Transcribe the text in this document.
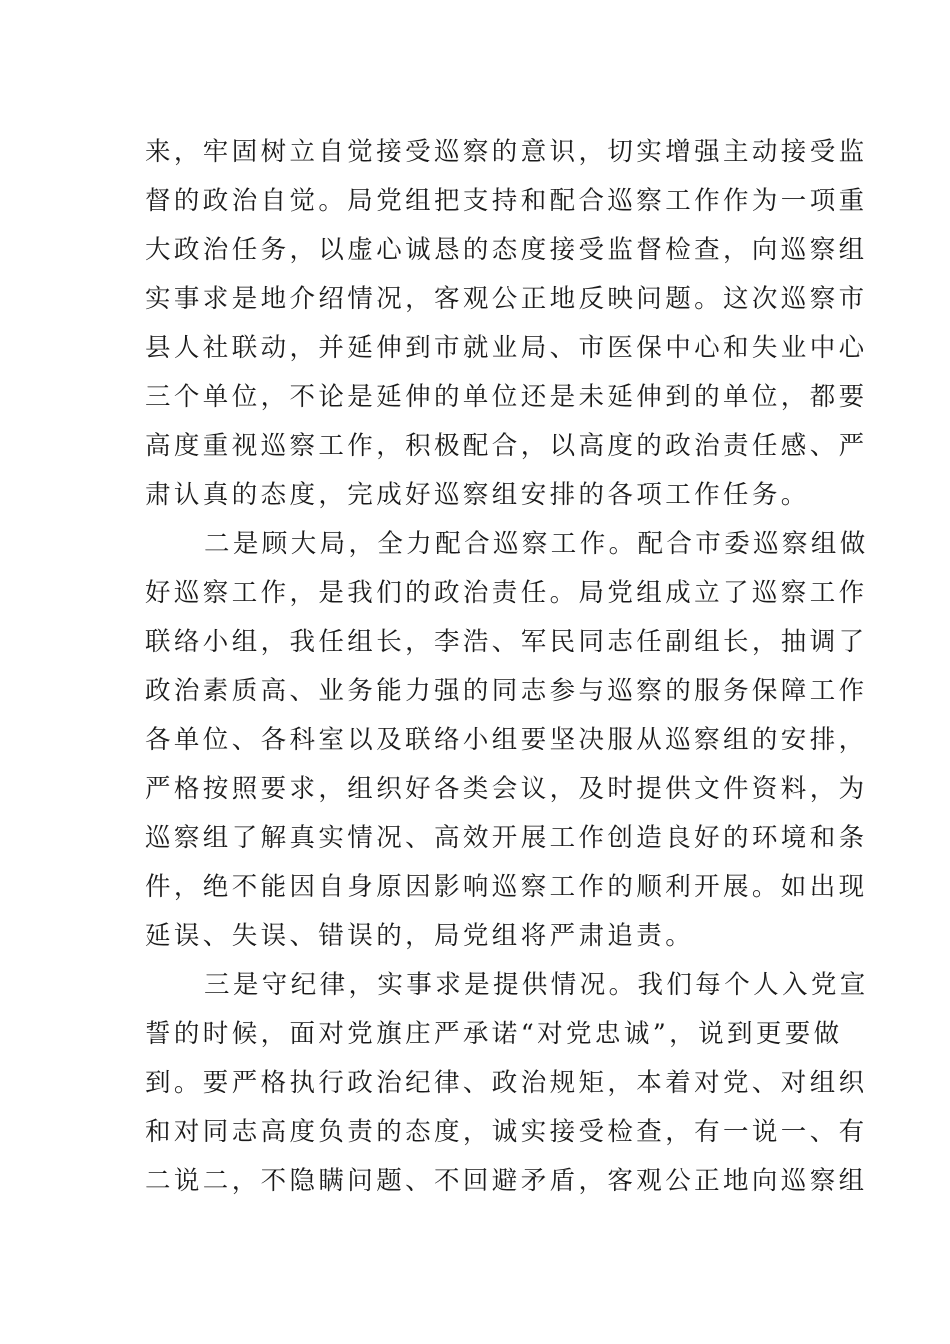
来，牢固树立自觉接受巡察的意识，切实增强主动接受监
督的政治自觉。局党组把支持和配合巡察工作作为一项重
大政治任务，以虚心诚恳的态度接受监督检查，向巡察组
实事求是地介绍情况，客观公正地反映问题。这次巡察市
县人社联动，并延伸到市就业局、市医保中心和失业中心
三个单位，不论是延伸的单位还是未延伸到的单位，都要
高度重视巡察工作，积极配合，以高度的政治责任感、严
肃认真的态度，完成好巡察组安排的各项工作任务。
二是顾大局，全力配合巡察工作。配合市委巡察组做
好巡察工作，是我们的政治责任。局党组成立了巡察工作
联络小组，我任组长，李浩、军民同志任副组长，抽调了
政治素质高、业务能力强的同志参与巡察的服务保障工作
各单位、各科室以及联络小组要坚决服从巡察组的安排，
严格按照要求，组织好各类会议，及时提供文件资料，为
巡察组了解真实情况、高效开展工作创造良好的环境和条
件，绝不能因自身原因影响巡察工作的顺利开展。如出现
延误、失误、错误的，局党组将严肃追责。
三是守纪律，实事求是提供情况。我们每个人入党宣
誓的时候，面对党旗庄严承诺“对党忠诚”，说到更要做
到。要严格执行政治纪律、政治规矩，本着对党、对组织
和对同志高度负责的态度，诚实接受检查，有一说一、有
二说二，不隐瞒问题、不回避矛盾，客观公正地向巡察组
